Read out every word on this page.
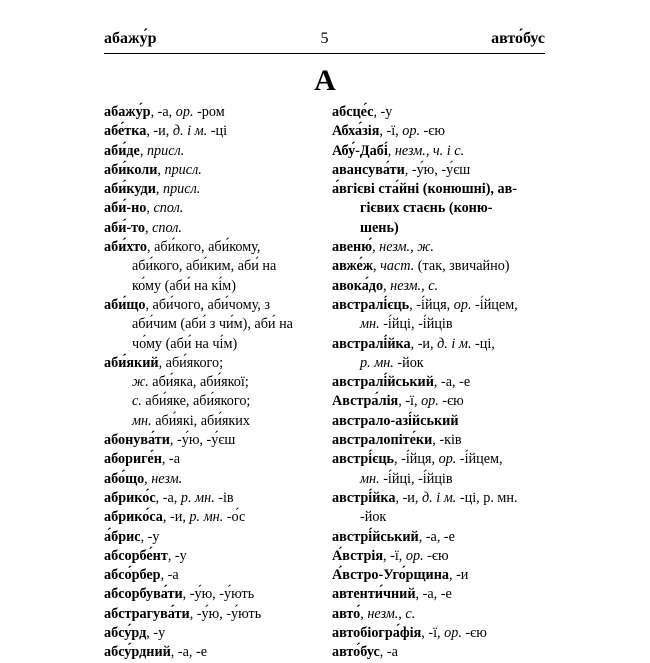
абажу́р	5	авто́бус
А
абажу́р, -а, ор. -ром
абе́тка, -и, д. і м. -ці
аби́де, присл.
аби́коли, присл.
аби́куди, присл.
аби́-но, спол.
аби́-то, спол.
аби́хто, аби́кого, аби́кому,
аби́кого, аби́ким, аби́ на
ко́му (аби́ на кі́м)
аби́що, аби́чого, аби́чому, з
аби́чим (аби́ з чи́м), аби́ на
чо́му (аби́ на чі́м)
аби́який, аби́якого;
ж. аби́яка, аби́якої;
с. аби́яке, аби́якого;
мн. аби́які, аби́яких
абонува́ти, -у́ю, -у́єш
абориге́н, -а
або́що, незм.
абрико́с, -а, р. мн. -ів
абрико́са, -и, р. мн. -о́с
а́брис, -у
абсорбе́нт, -у
абсо́рбер, -а
абсорбува́ти, -у́ю, -у́ють
абстрагува́ти, -у́ю, -у́ють
абсу́рд, -у
абсу́рдний, -а, -е
абсце́с, -у
Абха́зія, -ї, ор. -єю
Абу́-Дабі́, незм., ч. і с.
авансува́ти, -у́ю, -у́єш
а́вгієві ста́йні (конюшні), ав-
гієвих стаєнь (коню-
шень)
авеню́, незм., ж.
авже́ж, част. (так, звичайно)
авока́до, незм., с.
австралі́єць, -і́йця, ор. -і́йцем,
мн. -і́йці, -і́йців
австралі́йка, -и, д. і м. -ці,
р. мн. -йок
австралі́йський, -а, -е
Австра́лія, -ї, ор. -єю
австрало-азі́йський
австралопіте́ки, -ків
австрі́єць, -і́йця, ор. -і́йцем,
мн. -і́йці, -і́йців
австрі́йка, -и, д. і м. -ці, р. мн.
-йок
австрі́йський, -а, -е
А́встрія, -ї, ор. -єю
А́встро-Уго́рщина, -и
автенти́чний, -а, -е
авто́, незм., с.
автобіогра́фія, -ї, ор. -єю
авто́бус, -а
